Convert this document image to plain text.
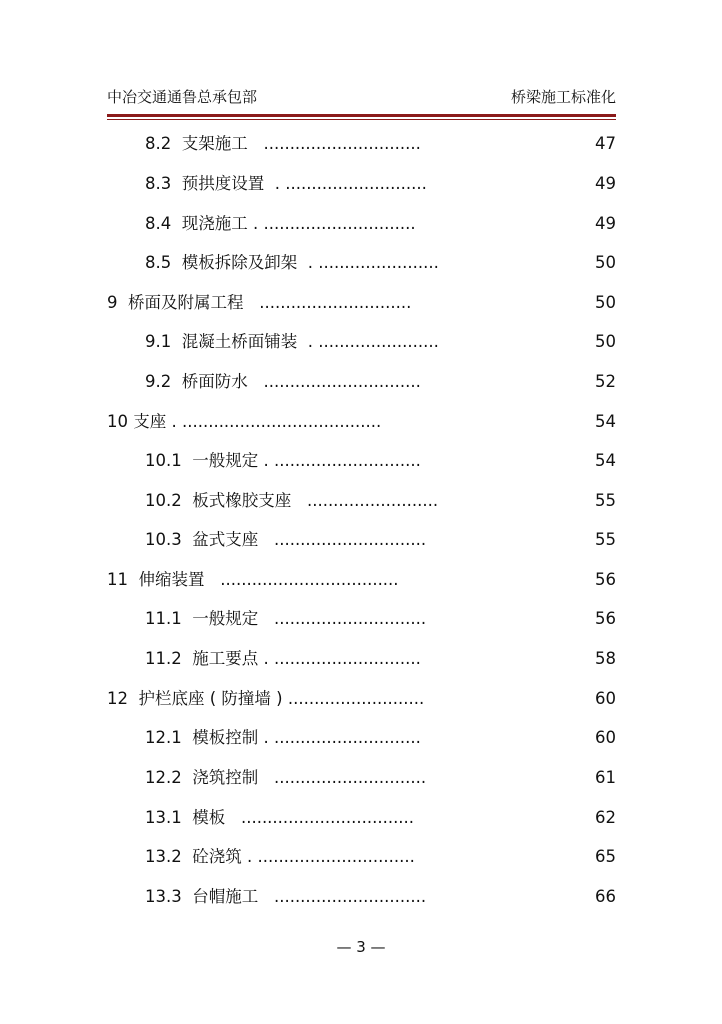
中冶交通通鲁总承包部	桥梁施工标准化
8.2  支架施工   ..............................	47
8.3  预拱度设置  . ...........................	49
8.4  现浇施工 . .............................	49
8.5  模板拆除及卸架  . .......................	50
9  桥面及附属工程   .............................	50
9.1  混凝土桥面铺装  . .......................	50
9.2  桥面防水   ..............................	52
10 支座 . ......................................	54
10.1  一般规定 . ............................	54
10.2  板式橡胶支座   .........................	55
10.3  盆式支座   .............................	55
11  伸缩装置   ..................................	56
11.1  一般规定   .............................	56
11.2  施工要点 . ............................	58
12  护栏底座 ( 防撞墙 ) ..........................	60
12.1  模板控制 . ............................	60
12.2  浇筑控制   .............................	61
13.1  模板   .................................	62
13.2  砼浇筑 . ..............................	65
13.3  台帽施工   .............................	66
— 3 —
